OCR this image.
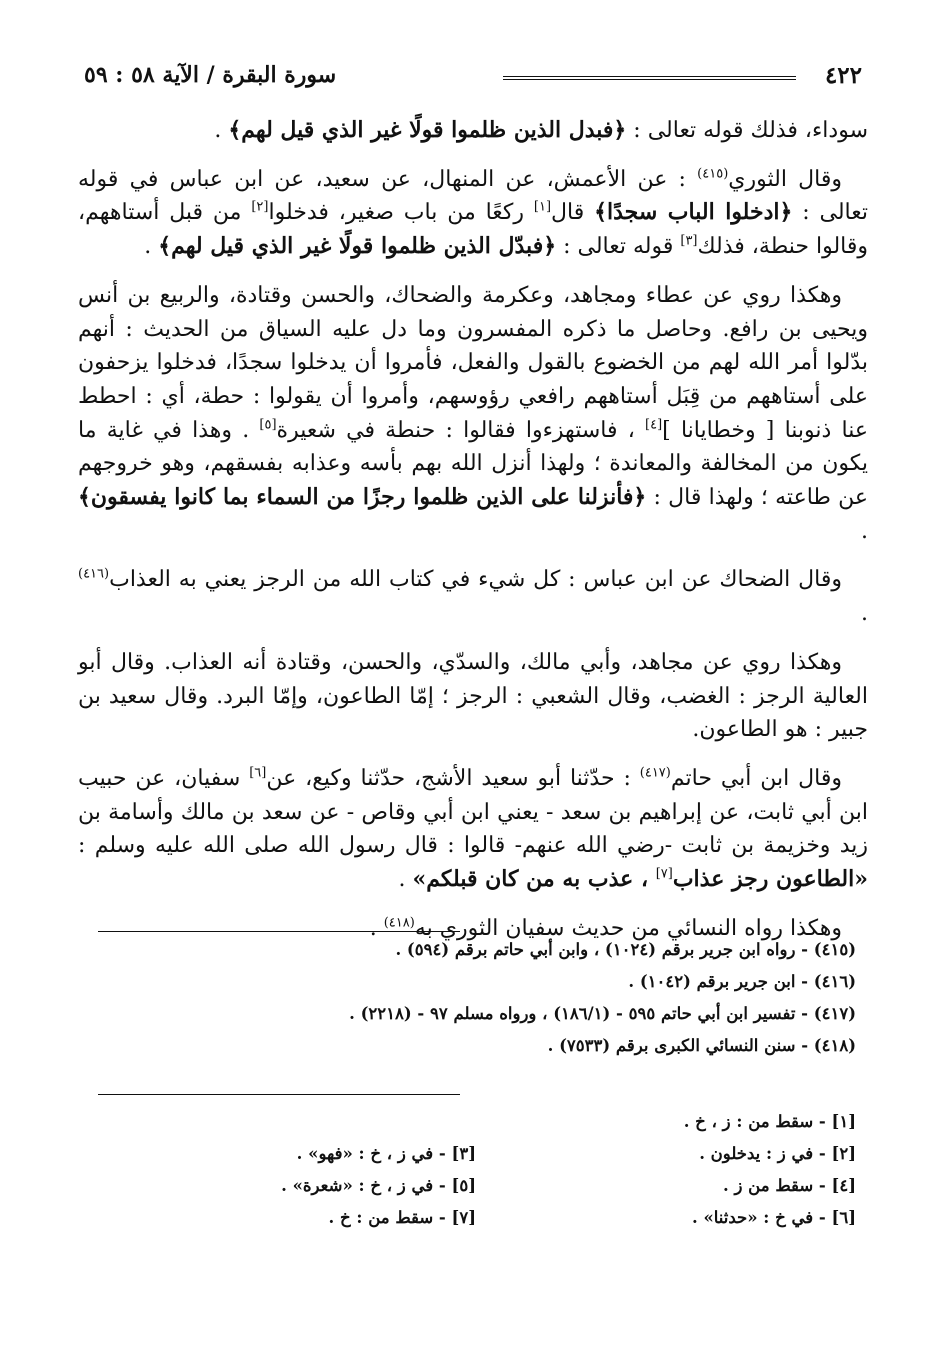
٤٢٢
سورة البقرة / الآية ٥٨ : ٥٩

سوداء، فذلك قوله تعالى : ﴿فبدل الذين ظلموا قولًا غير الذي قيل لهم﴾ .

وقال الثوري$^{(٤١٥)}$ : عن الأعمش، عن المنهال، عن سعيد، عن ابن عباس في قوله تعالى : ﴿ادخلوا الباب سجدًا﴾ قال[١] ركعًا من باب صغير، فدخلوا[٢] من قبل أستاههم، وقالوا حنطة، فذلك[٣] قوله تعالى : ﴿فبدّل الذين ظلموا قولًا غير الذي قيل لهم﴾ .

وهكذا روي عن عطاء ومجاهد، وعكرمة والضحاك، والحسن وقتادة، والربيع بن أنس ويحيى بن رافع. وحاصل ما ذكره المفسرون وما دل عليه السياق من الحديث : أنهم بدّلوا أمر الله لهم من الخضوع بالقول والفعل، فأمروا أن يدخلوا سجدًا، فدخلوا يزحفون على أستاههم من قِبَل أستاههم رافعي رؤوسهم، وأمروا أن يقولوا : حطة، أي : احطط عنا ذنوبنا [ وخطايانا ][٤] ، فاستهزءوا فقالوا : حنطة في شعيرة[٥] . وهذا في غاية ما يكون من المخالفة والمعاندة ؛ ولهذا أنزل الله بهم بأسه وعذابه بفسقهم، وهو خروجهم عن طاعته ؛ ولهذا قال : ﴿فأنزلنا على الذين ظلموا رجزًا من السماء بما كانوا يفسقون﴾ .

وقال الضحاك عن ابن عباس : كل شيء في كتاب الله من الرجز يعني به العذاب$^{(٤١٦)}$ .

وهكذا روي عن مجاهد، وأبي مالك، والسدّي، والحسن، وقتادة أنه العذاب. وقال أبو العالية الرجز : الغضب، وقال الشعبي : الرجز ؛ إمّا الطاعون، وإمّا البرد. وقال سعيد بن جبير : هو الطاعون.

وقال ابن أبي حاتم$^{(٤١٧)}$ : حدّثنا أبو سعيد الأشج، حدّثنا وكيع، عن[٦] سفيان، عن حبيب ابن أبي ثابت، عن إبراهيم بن سعد - يعني ابن أبي وقاص - عن سعد بن مالك وأسامة بن زيد وخزيمة بن ثابت -رضي الله عنهم- قالوا : قال رسول الله صلى الله عليه وسلم : «الطاعون رجز عذاب[٧] ، عذب به من كان قبلكم» .

وهكذا رواه النسائي من حديث سفيان الثوري به$^{(٤١٨)}$ .

(٤١٥) - رواه ابن جرير برقم (١٠٢٤) ، وابن أبي حاتم برقم (٥٩٤) .
(٤١٦) - ابن جرير برقم (١٠٤٢) .
(٤١٧) - تفسير ابن أبي حاتم ٥٩٥ - (١٨٦/١) ، ورواه مسلم ٩٧ - (٢٢١٨) .
(٤١٨) - سنن النسائي الكبرى برقم (٧٥٣٣) .
[١] - سقط من : ز ، خ .
[٢] - في ز : يدخلون .
[٤] - سقط من ز .
[٦] - في خ : «حدثنا» .
[٣] - في ز ، خ : «فهو» .
[٥] - في ز ، خ : «شعرة» .
[٧] - سقط من : خ .
